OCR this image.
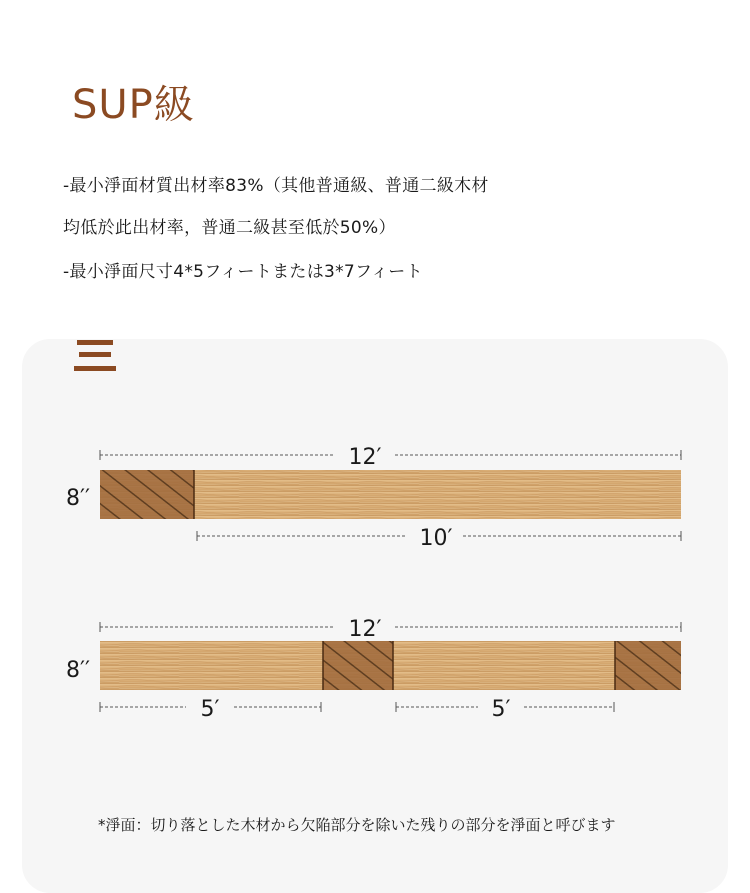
SUP級
-最小淨面材質出材率83%（其他普通級、普通二級木材
均低於此出材率，普通二級甚至低於50%）
-最小淨面尺寸4*5フィートまたは3*7フィート
12′
8′′
10′
12′
8′′
5′	5′
*淨面：切り落とした木材から欠陥部分を除いた残りの部分を淨面と呼びます
